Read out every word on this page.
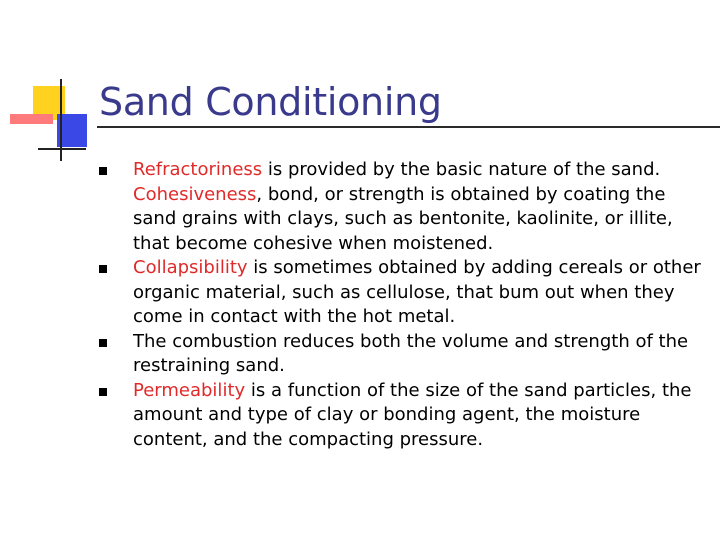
Sand Conditioning
Refractoriness is provided by the basic nature of the sand. Cohesiveness, bond, or strength is obtained by coating the sand grains with clays, such as bentonite, kaolinite, or illite, that become cohesive when moistened.
Collapsibility is sometimes obtained by adding cereals or other organic material, such as cellulose, that bum out when they come in contact with the hot metal.
The combustion reduces both the volume and strength of the restraining sand.
Permeability is a function of the size of the sand particles, the amount and type of clay or bonding agent, the moisture content, and the compacting pressure.
